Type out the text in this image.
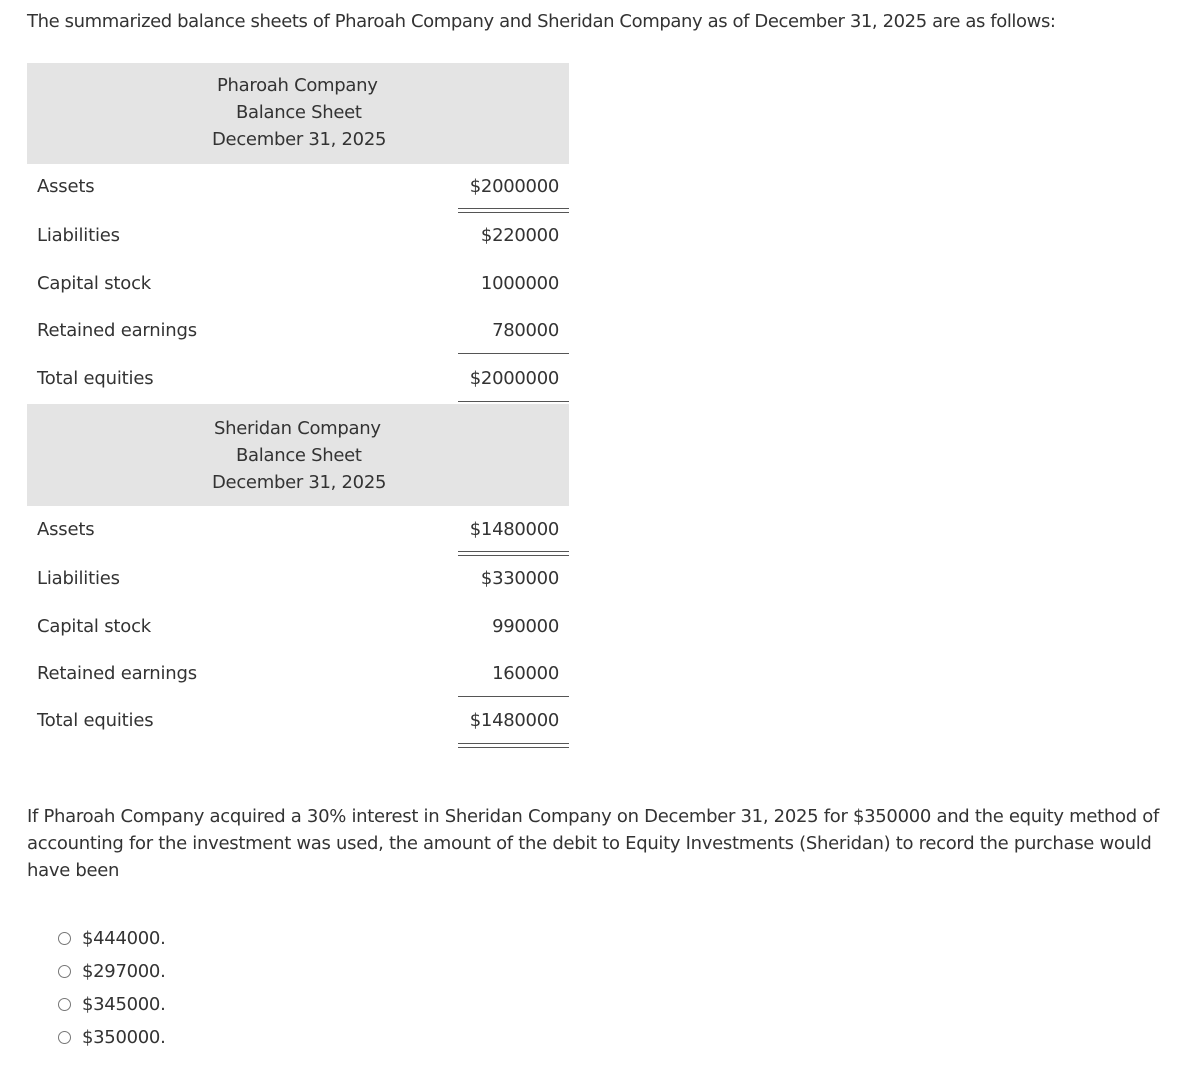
The summarized balance sheets of Pharoah Company and Sheridan Company as of December 31, 2025 are as follows:
Pharoah Company
Balance Sheet
December 31, 2025
Assets	$2000000
Liabilities	$220000
Capital stock	1000000
Retained earnings	780000
Total equities	$2000000
Sheridan Company
Balance Sheet
December 31, 2025
Assets	$1480000
Liabilities	$330000
Capital stock	990000
Retained earnings	160000
Total equities	$1480000
If Pharoah Company acquired a 30% interest in Sheridan Company on December 31, 2025 for $350000 and the equity method of accounting for the investment was used, the amount of the debit to Equity Investments (Sheridan) to record the purchase would have been
$444000.
$297000.
$345000.
$350000.
